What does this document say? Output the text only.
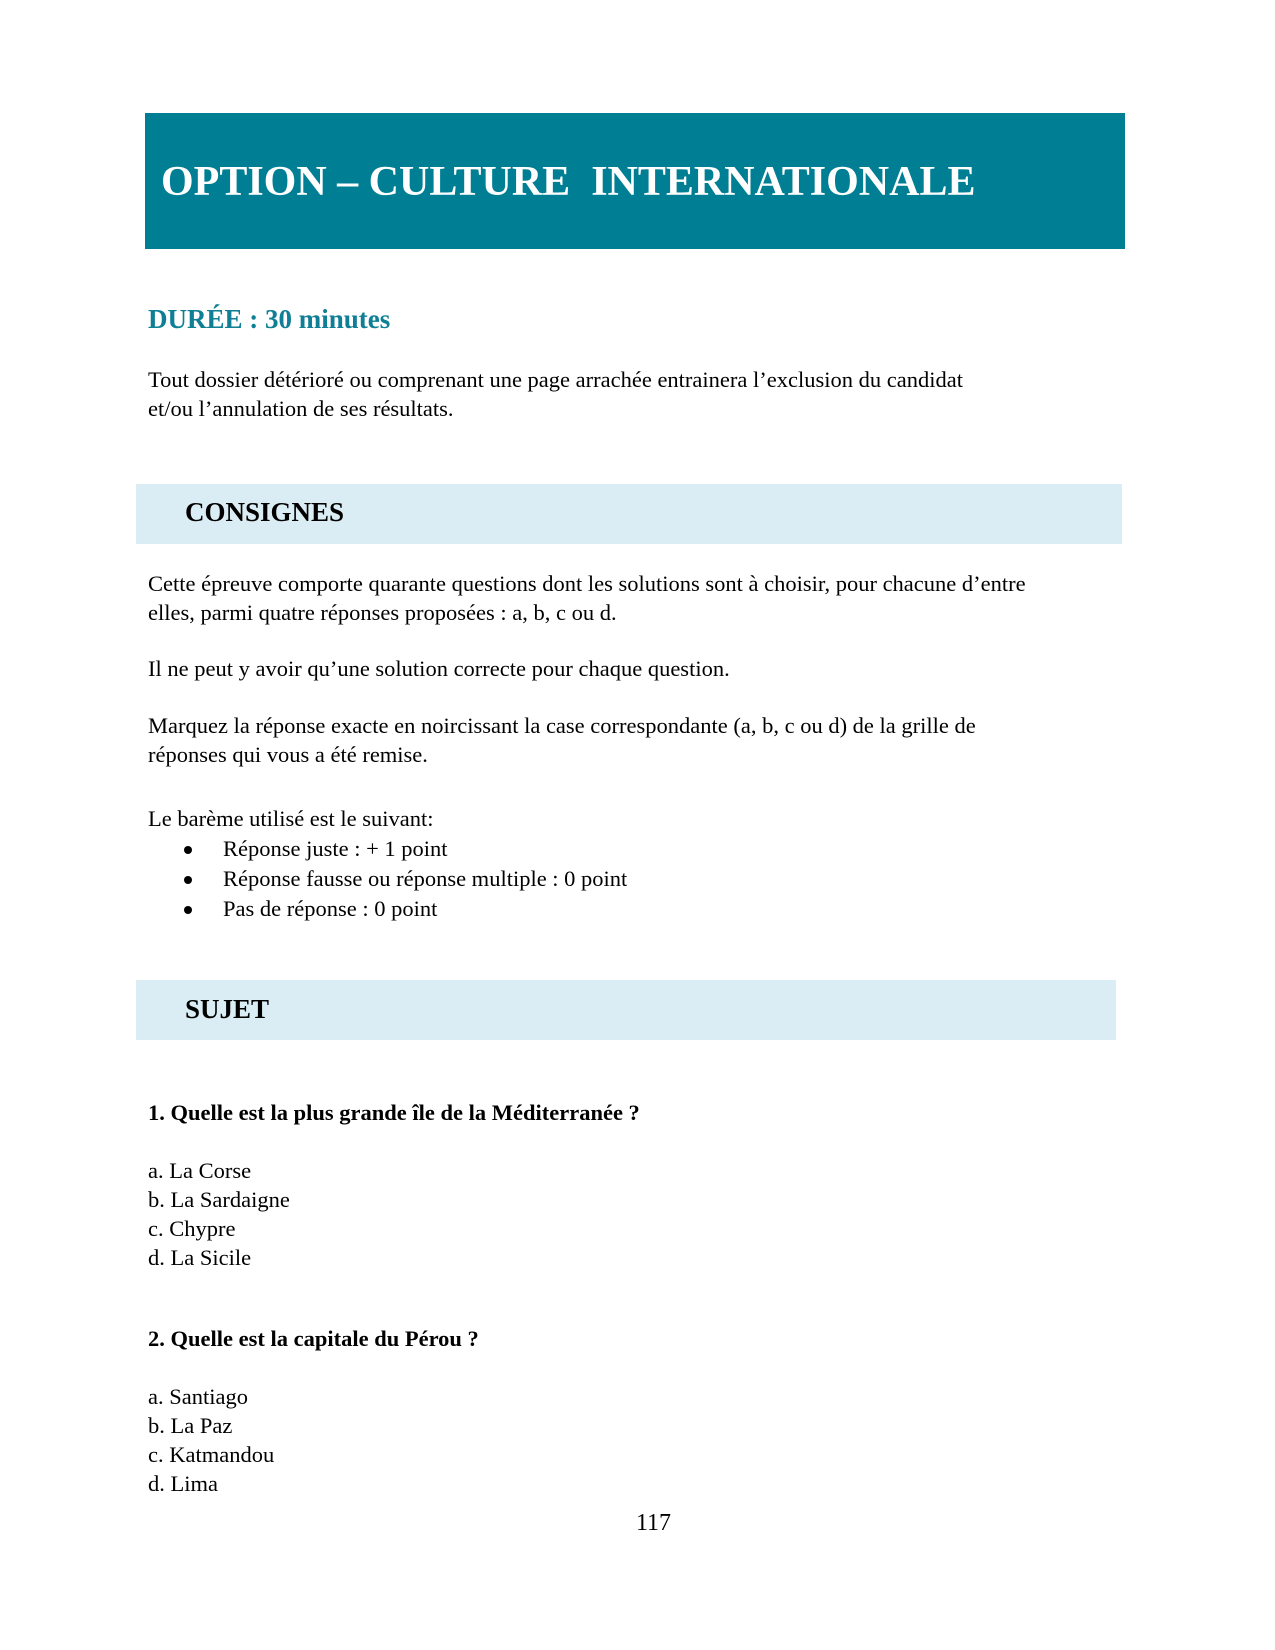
OPTION – CULTURE  INTERNATIONALE

DURÉE : 30 minutes

Tout dossier détérioré ou comprenant une page arrachée entrainera l’exclusion du candidat
et/ou l’annulation de ses résultats.

CONSIGNES

Cette épreuve comporte quarante questions dont les solutions sont à choisir, pour chacune d’entre
elles, parmi quatre réponses proposées : a, b, c ou d.

Il ne peut y avoir qu’une solution correcte pour chaque question.

Marquez la réponse exacte en noircissant la case correspondante (a, b, c ou d) de la grille de
réponses qui vous a été remise.

Le barème utilisé est le suivant:

Réponse juste : + 1 point
Réponse fausse ou réponse multiple : 0 point
Pas de réponse : 0 point
SUJET

1. Quelle est la plus grande île de la Méditerranée ?

a. La Corse
b. La Sardaigne
c. Chypre
d. La Sicile

2. Quelle est la capitale du Pérou ?

a. Santiago
b. La Paz
c. Katmandou
d. Lima
117
